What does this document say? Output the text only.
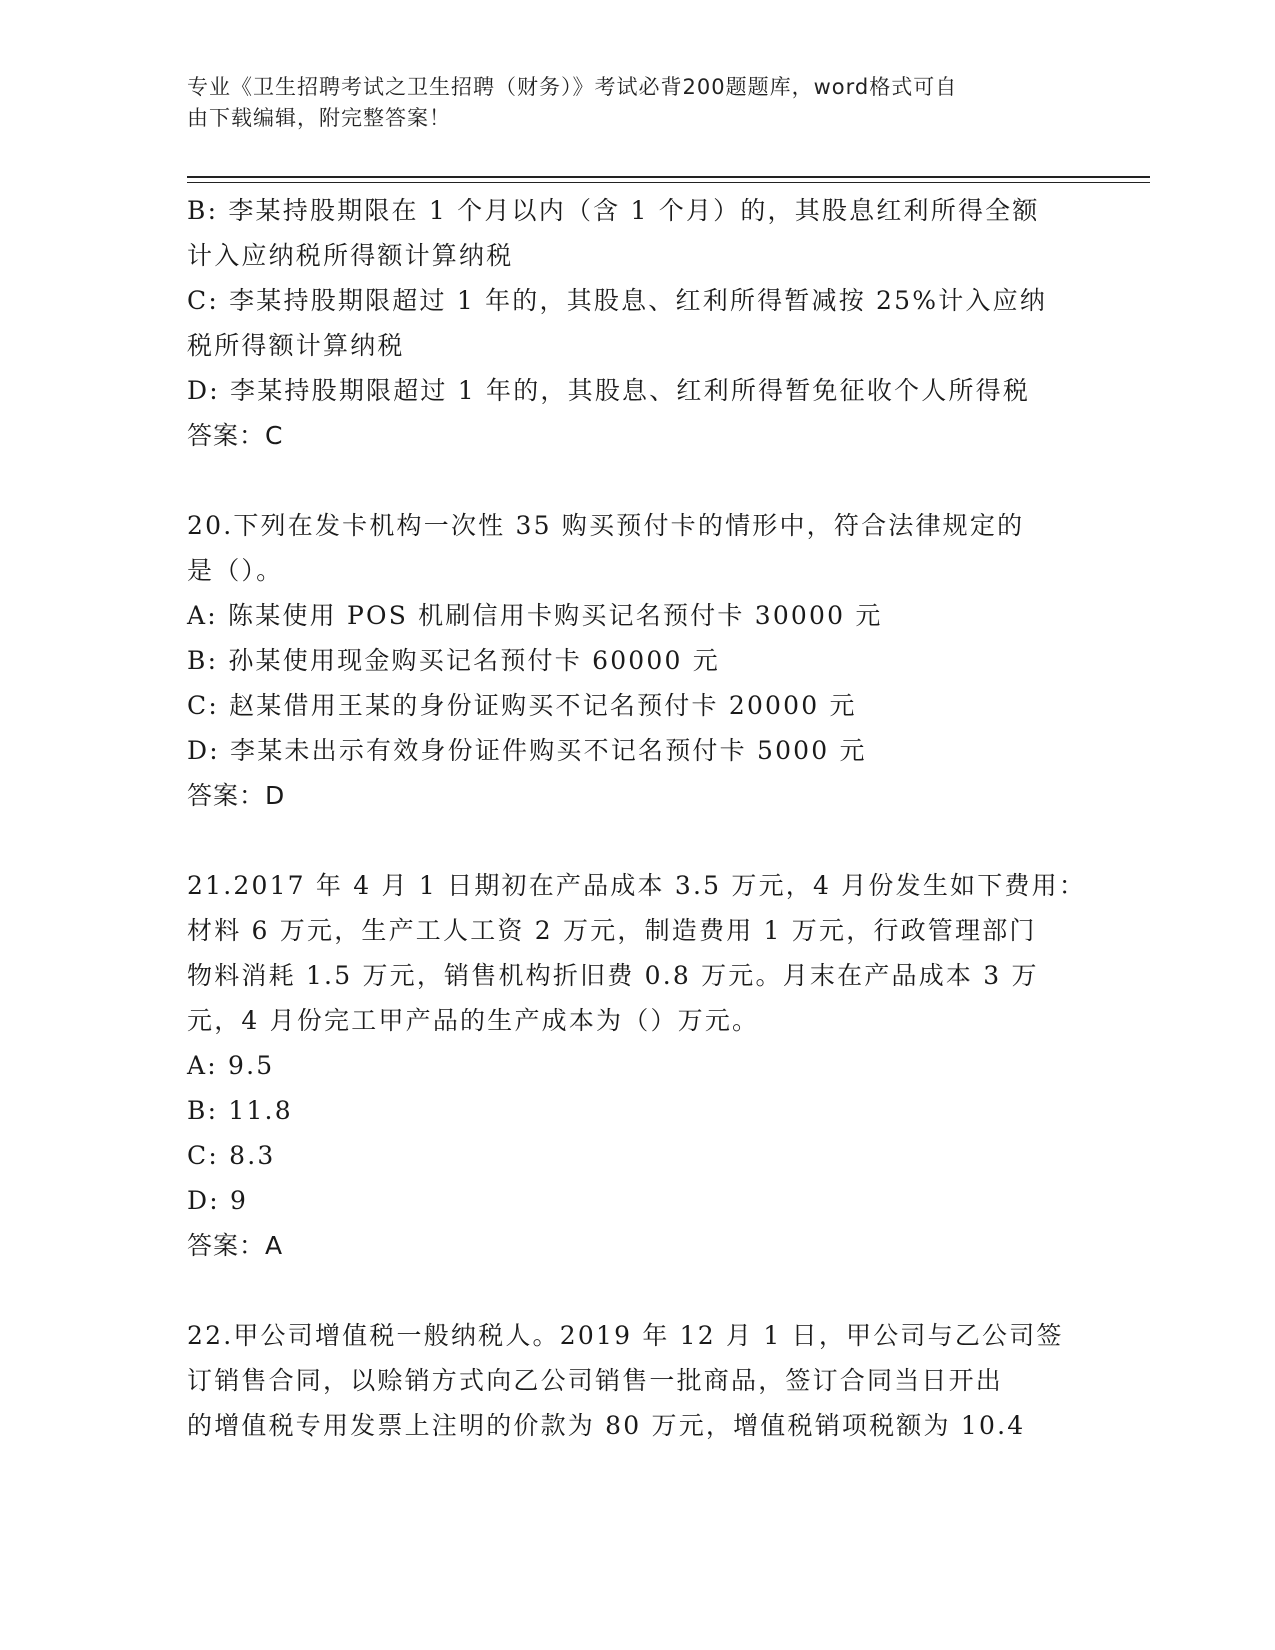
专业《卫生招聘考试之卫生招聘（财务）》考试必背200题题库，word格式可自
由下载编辑，附完整答案！

B: 李某持股期限在 1 个月以内（含 1 个月）的，其股息红利所得全额

计入应纳税所得额计算纳税

C: 李某持股期限超过 1 年的，其股息、红利所得暂减按 25%计入应纳

税所得额计算纳税

D: 李某持股期限超过 1 年的，其股息、红利所得暂免征收个人所得税

答案：C

20.下列在发卡机构一次性 35 购买预付卡的情形中，符合法律规定的

是（）。

A: 陈某使用 POS 机刷信用卡购买记名预付卡 30000 元

B: 孙某使用现金购买记名预付卡 60000 元

C: 赵某借用王某的身份证购买不记名预付卡 20000 元

D: 李某未出示有效身份证件购买不记名预付卡 5000 元

答案：D

21.2017 年 4 月 1 日期初在产品成本 3.5 万元，4 月份发生如下费用：

材料 6 万元，生产工人工资 2 万元，制造费用 1 万元，行政管理部门

物料消耗 1.5 万元，销售机构折旧费 0.8 万元。月末在产品成本 3 万

元，4 月份完工甲产品的生产成本为（）万元。

A: 9.5

B: 11.8

C: 8.3

D: 9

答案：A

22.甲公司增值税一般纳税人。2019 年 12 月 1 日，甲公司与乙公司签

订销售合同，以赊销方式向乙公司销售一批商品，签订合同当日开出

的增值税专用发票上注明的价款为 80 万元，增值税销项税额为 10.4
